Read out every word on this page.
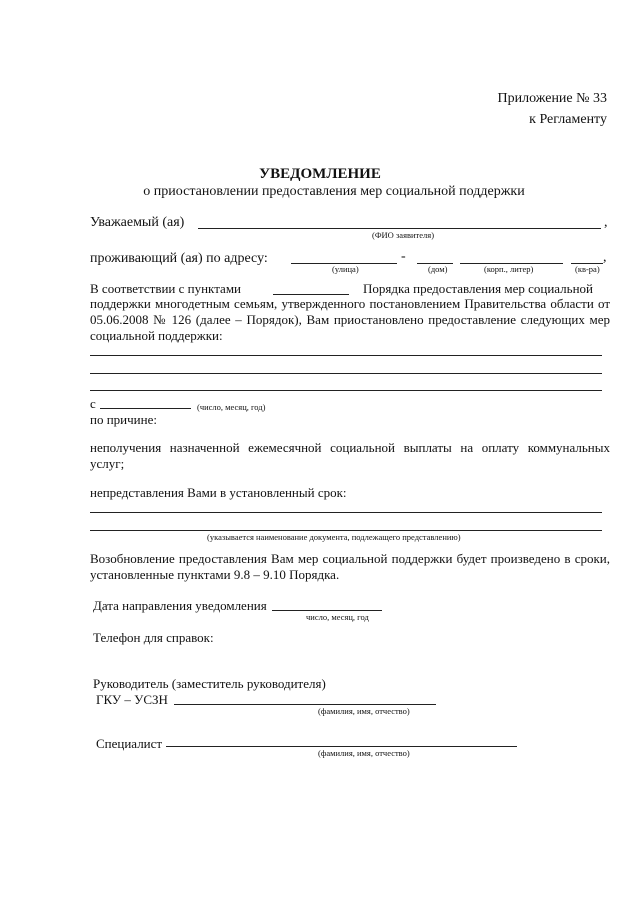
Приложение № 33
к Регламенту
УВЕДОМЛЕНИЕ
о приостановлении предоставления мер социальной поддержки
Уважаемый (ая)	,
(ФИО заявителя)
проживающий (ая) по адресу:	-	,
(улица)	(дом)	(корп., литер)	(кв-ра)
В соответствии с пунктами	Порядка предоставления мер социальной
поддержки многодетным семьям, утвержденного постановлением Правительства области от
05.06.2008 № 126 (далее – Порядок), Вам приостановлено предоставление следующих мер
социальной поддержки:
с	(число, месяц, год)
по причине:
неполучения назначенной ежемесячной социальной выплаты на оплату коммунальных
услуг;
непредставления Вами в установленный срок:
(указывается наименование документа, подлежащего представлению)
Возобновление предоставления Вам мер социальной поддержки будет произведено в сроки,
установленные пунктами 9.8 – 9.10 Порядка.
Дата направления уведомления
число, месяц, год
Телефон для справок:
Руководитель (заместитель руководителя)
ГКУ – УСЗН
(фамилия, имя, отчество)
Специалист
(фамилия, имя, отчество)
